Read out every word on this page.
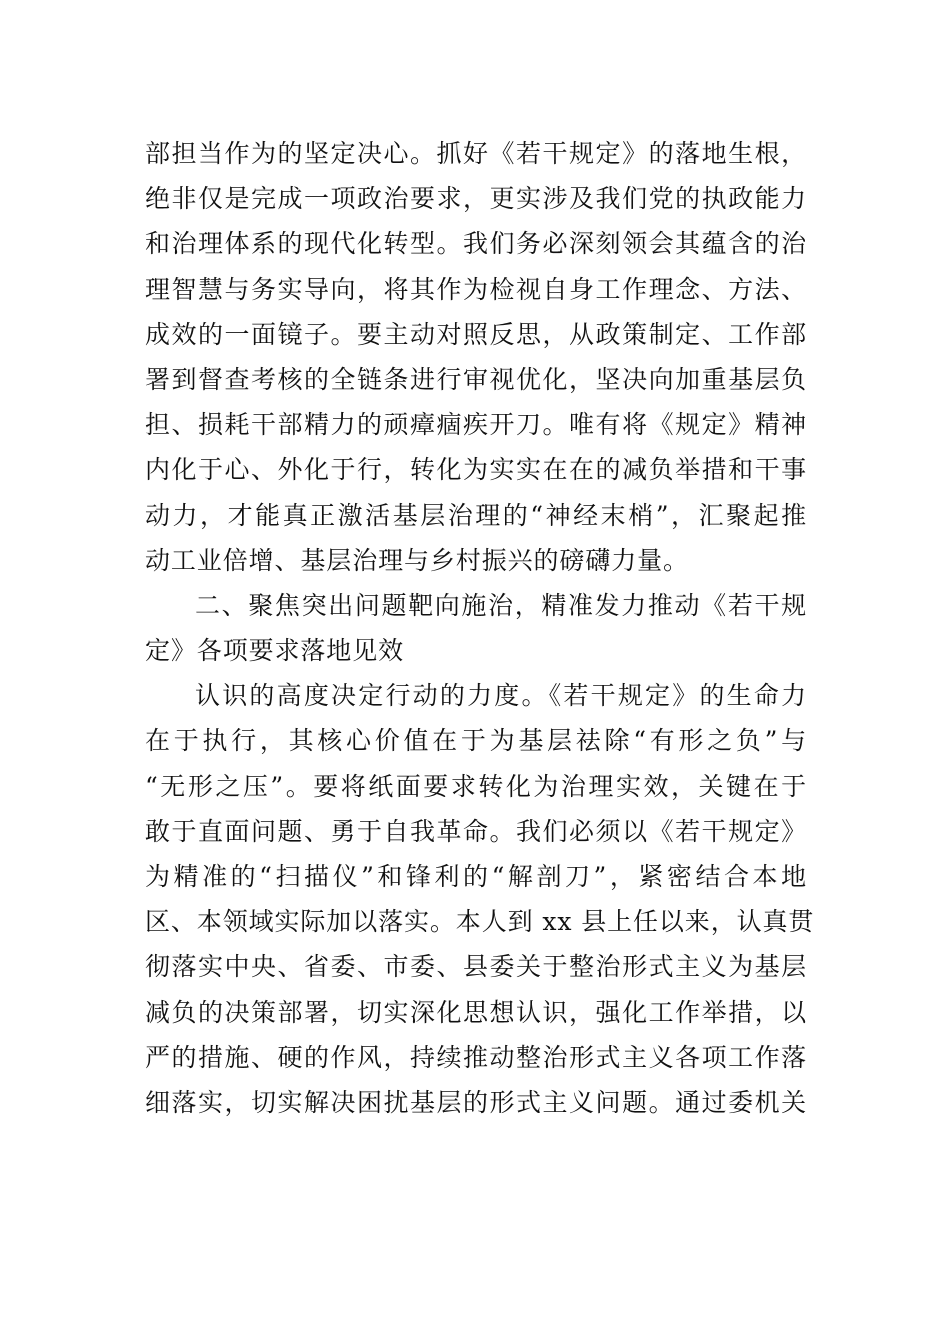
部担当作为的坚定决心。抓好《若干规定》的落地生根，
绝非仅是完成一项政治要求，更实涉及我们党的执政能力
和治理体系的现代化转型。我们务必深刻领会其蕴含的治
理智慧与务实导向，将其作为检视自身工作理念、方法、
成效的一面镜子。要主动对照反思，从政策制定、工作部
署到督查考核的全链条进行审视优化，坚决向加重基层负
担、损耗干部精力的顽瘴痼疾开刀。唯有将《规定》精神
内化于心、外化于行，转化为实实在在的减负举措和干事
动力，才能真正激活基层治理的“神经末梢”，汇聚起推
动工业倍增、基层治理与乡村振兴的磅礴力量。
二、聚焦突出问题靶向施治，精准发力推动《若干规
定》各项要求落地见效
认识的高度决定行动的力度。《若干规定》的生命力
在于执行，其核心价值在于为基层祛除“有形之负”与
“无形之压”。要将纸面要求转化为治理实效，关键在于
敢于直面问题、勇于自我革命。我们必须以《若干规定》
为精准的“扫描仪”和锋利的“解剖刀”，紧密结合本地
区、本领域实际加以落实。本人到 xx 县上任以来，认真贯
彻落实中央、省委、市委、县委关于整治形式主义为基层
减负的决策部署，切实深化思想认识，强化工作举措，以
严的措施、硬的作风，持续推动整治形式主义各项工作落
细落实，切实解决困扰基层的形式主义问题。通过委机关
